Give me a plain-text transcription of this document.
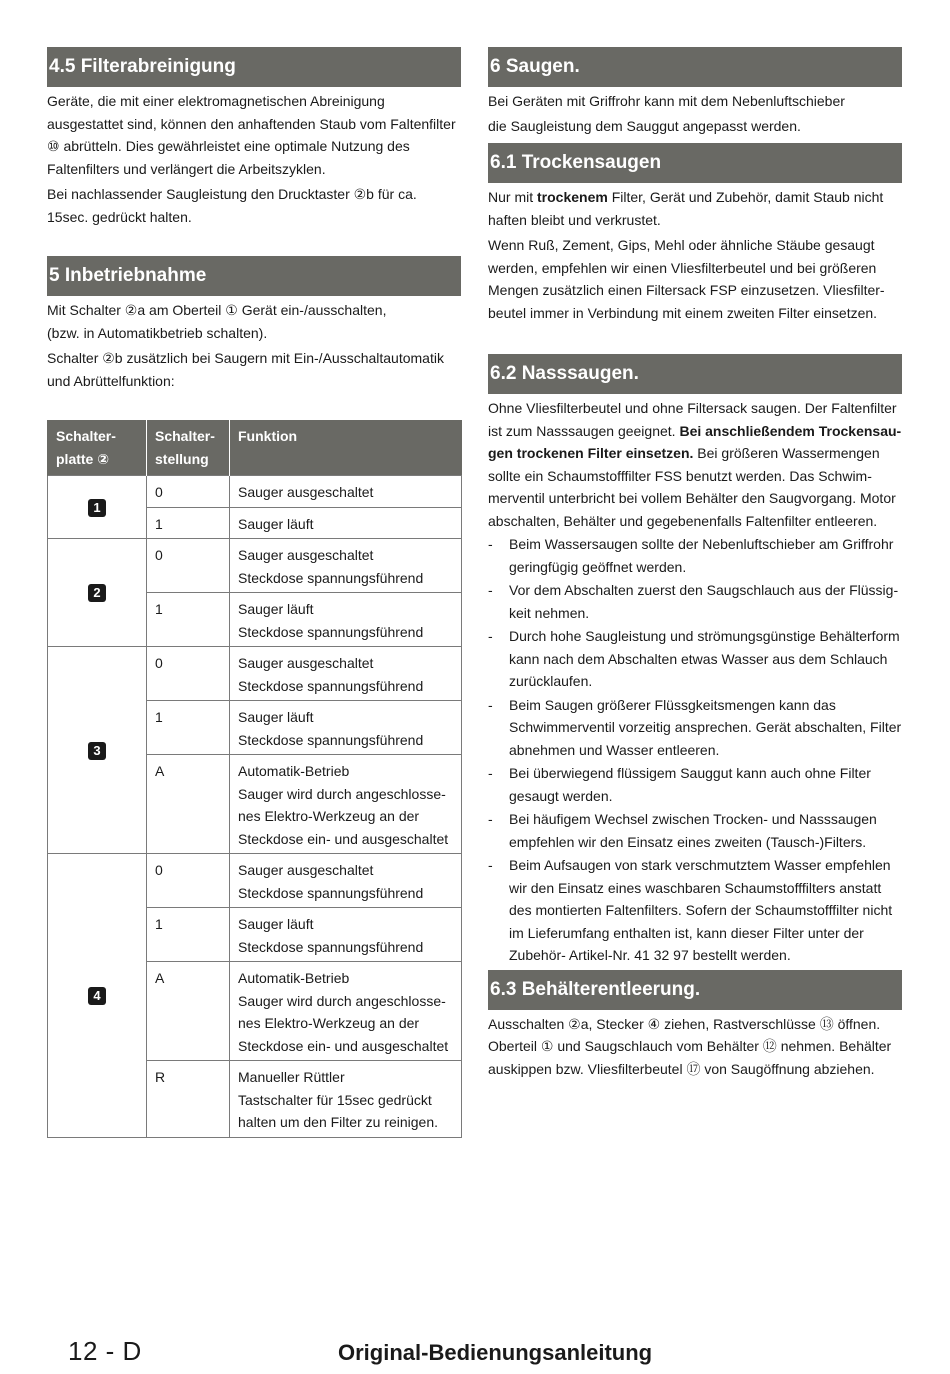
4.5 Filterabreinigung

Geräte, die mit einer elektromagnetischen Abreinigung ausgestattet sind, können den anhaftenden Staub vom Faltenfilter ⑩ abrütteln. Dies gewährleistet eine optimale Nutzung des Faltenfilters und verlängert die Arbeitszyklen.

Bei nachlassender Saugleistung den Drucktaster ②b für ca. 15sec. gedrückt halten.

5 Inbetriebnahme

Mit Schalter ②a am Oberteil ① Gerät ein-/ausschalten,

(bzw. in Automatikbetrieb schalten).

Schalter ②b zusätzlich bei Saugern mit Ein-/Ausschaltautomatik und Abrüttelfunktion:

Schalter-platte ②	Schalter-stellung	Funktion
1	0	Sauger ausgeschaltet

	1	Sauger läuft

2	0	Sauger ausgeschaltet
Steckdose spannungsführend

	1	Sauger läuft
Steckdose spannungsführend

3	0	Sauger ausgeschaltet
Steckdose spannungsführend

	1	Sauger läuft
Steckdose spannungsführend

	A	Automatik-Betrieb
Sauger wird durch angeschlosse-
nes Elektro-Werkzeug an der
Steckdose ein- und ausgeschaltet

4	0	Sauger ausgeschaltet
Steckdose spannungsführend

	1	Sauger läuft
Steckdose spannungsführend

	A	Automatik-Betrieb
Sauger wird durch angeschlosse-
nes Elektro-Werkzeug an der
Steckdose ein- und ausgeschaltet

	R	Manueller Rüttler
Tastschalter für 15sec gedrückt
halten um den Filter zu reinigen.
6 Saugen.

Bei Geräten mit Griffrohr kann mit dem Nebenluftschieber

die Saugleistung dem Sauggut angepasst werden.

6.1 Trockensaugen

Nur mit trockenem Filter, Gerät und Zubehör, damit Staub nicht haften bleibt und verkrustet.

Wenn Ruß, Zement, Gips, Mehl oder ähnliche Stäube gesaugt werden, empfehlen wir einen Vliesfilterbeutel und bei größeren Mengen zusätzlich einen Filtersack FSP einzusetzen. Vliesfilter-beutel immer in Verbindung mit einem zweiten Filter einsetzen.

6.2 Nasssaugen.

Ohne Vliesfilterbeutel und ohne Filtersack saugen. Der Faltenfilter ist zum Nasssaugen geeignet. Bei anschließendem Trockensau-gen trockenen Filter einsetzen. Bei größeren Wassermengen sollte ein Schaumstofffilter FSS benutzt werden. Das Schwim-merventil unterbricht bei vollem Behälter den Saugvorgang. Motor abschalten, Behälter und gegebenenfalls Faltenfilter entleeren.

- Beim Wassersaugen sollte der Nebenluftschieber am Griffrohr geringfügig geöffnet werden.
- Vor dem Abschalten zuerst den Saugschlauch aus der Flüssig-keit nehmen.
- Durch hohe Saugleistung und strömungsgünstige Behälterform kann nach dem Abschalten etwas Wasser aus dem Schlauch zurücklaufen.
- Beim Saugen größerer Flüssgkeitsmengen kann das Schwimmerventil vorzeitig ansprechen. Gerät abschalten, Filter abnehmen und Wasser entleeren.
- Bei überwiegend flüssigem Sauggut kann auch ohne Filter gesaugt werden.
- Bei häufigem Wechsel zwischen Trocken- und Nasssaugen empfehlen wir den Einsatz eines zweiten (Tausch-)Filters.
- Beim Aufsaugen von stark verschmutztem Wasser empfehlen wir den Einsatz eines waschbaren Schaumstofffilters anstatt des montierten Faltenfilters. Sofern der Schaumstofffilter nicht im Lieferumfang enthalten ist, kann dieser Filter unter der Zubehör- Artikel-Nr. 41 32 97 bestellt werden.
6.3 Behälterentleerung.

Ausschalten ②a, Stecker ④ ziehen, Rastverschlüsse ⑬ öffnen. Oberteil ① und Saugschlauch vom Behälter ⑫ nehmen. Behälter auskippen bzw. Vliesfilterbeutel ⑰ von Saugöffnung abziehen.

12 - D	Original-Bedienungsanleitung
